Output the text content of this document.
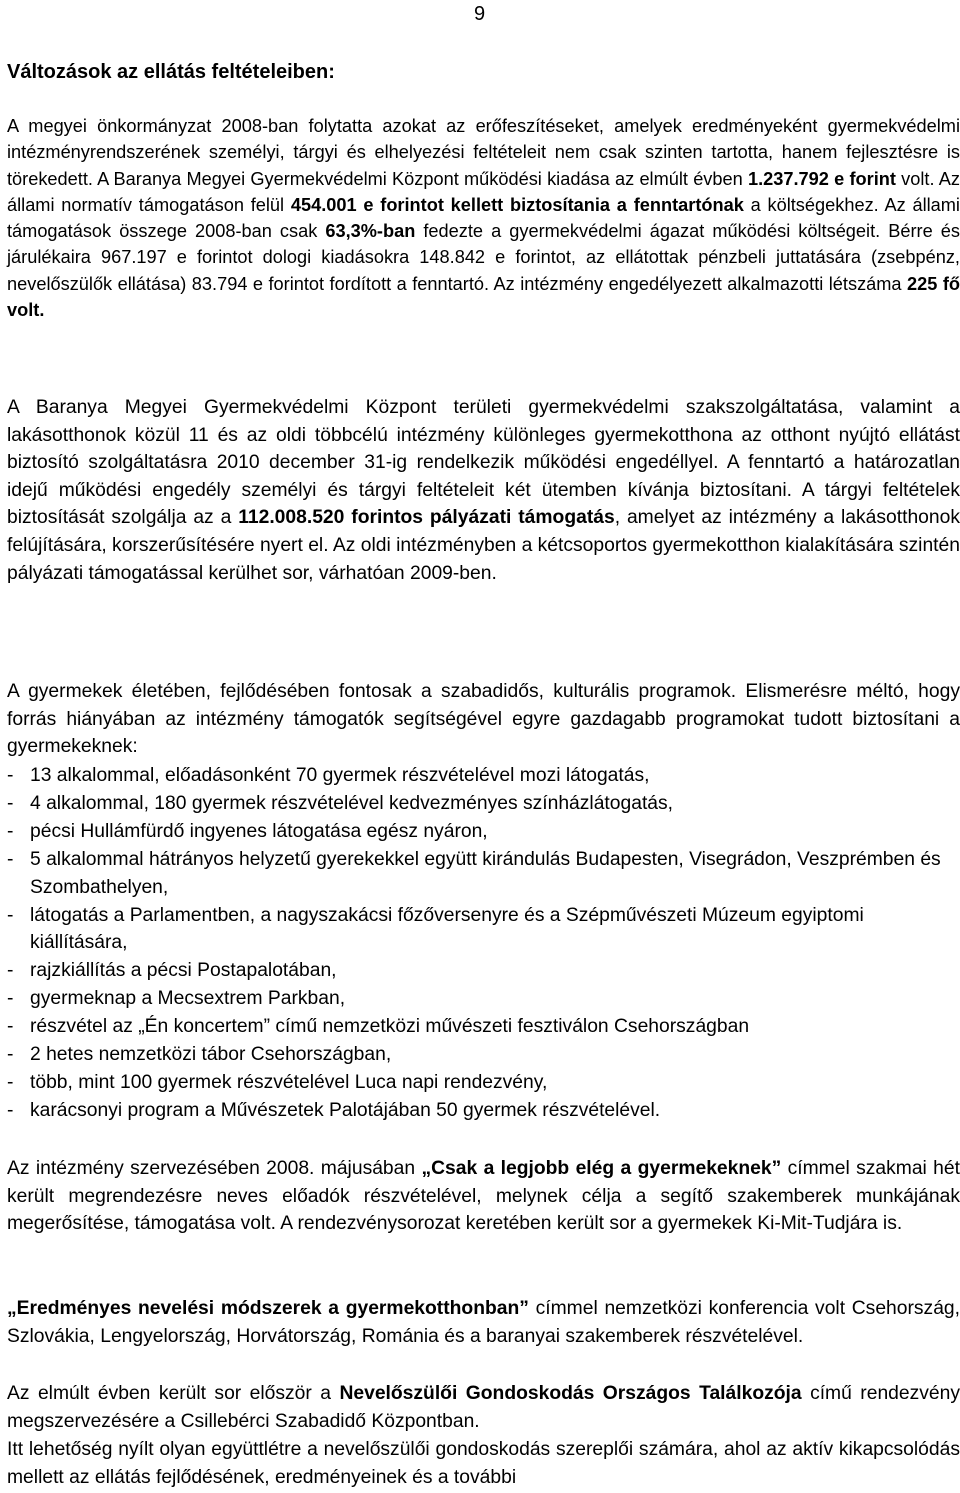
9
Változások az ellátás feltételeiben:

A megyei önkormányzat 2008-ban folytatta azokat az erőfeszítéseket, amelyek eredményeként gyermekvédelmi intézményrendszerének személyi, tárgyi és elhelyezési feltételeit nem csak szinten tartotta, hanem fejlesztésre is törekedett. A Baranya Megyei Gyermekvédelmi Központ működési kiadása az elmúlt évben 1.237.792 e forint volt. Az állami normatív támogatáson felül 454.001 e forintot kellett biztosítania a fenntartónak a költségekhez. Az állami támogatások összege 2008-ban csak 63,3%-ban fedezte a gyermekvédelmi ágazat működési költségeit. Bérre és járulékaira 967.197 e forintot dologi kiadásokra 148.842 e forintot, az ellátottak pénzbeli juttatására (zsebpénz, nevelőszülők ellátása) 83.794 e forintot fordított a fenntartó. Az intézmény engedélyezett alkalmazotti létszáma 225 fő volt.

A Baranya Megyei Gyermekvédelmi Központ területi gyermekvédelmi szakszolgáltatása, valamint a lakásotthonok közül 11 és az oldi többcélú intézmény különleges gyermekotthona az otthont nyújtó ellátást biztosító szolgáltatásra 2010 december 31-ig rendelkezik működési engedéllyel. A fenntartó a határozatlan idejű működési engedély személyi és tárgyi feltételeit két ütemben kívánja biztosítani. A tárgyi feltételek biztosítását szolgálja az a 112.008.520 forintos pályázati támogatás, amelyet az intézmény a lakásotthonok felújítására, korszerűsítésére nyert el. Az oldi intézményben a kétcsoportos gyermekotthon kialakítására szintén pályázati támogatással kerülhet sor, várhatóan 2009-ben.

A gyermekek életében, fejlődésében fontosak a szabadidős, kulturális programok. Elismerésre méltó, hogy forrás hiányában az intézmény támogatók segítségével egyre gazdagabb programokat tudott biztosítani a gyermekeknek:

- 13 alkalommal, előadásonként 70 gyermek részvételével mozi látogatás,
- 4 alkalommal, 180 gyermek részvételével kedvezményes színházlátogatás,
- pécsi Hullámfürdő ingyenes látogatása egész nyáron,
- 5 alkalommal hátrányos helyzetű gyerekekkel együtt kirándulás Budapesten, Visegrádon, Veszprémben és Szombathelyen,
- látogatás a Parlamentben, a nagyszakácsi főzőversenyre és a Szépművészeti Múzeum egyiptomi kiállítására,
- rajzkiállítás a pécsi Postapalotában,
- gyermeknap a Mecsextrem Parkban,
- részvétel az „Én koncertem” című nemzetközi művészeti fesztiválon Csehországban
- 2 hetes nemzetközi tábor Csehországban,
- több, mint 100 gyermek részvételével Luca napi rendezvény,
- karácsonyi program a Művészetek Palotájában 50 gyermek részvételével.

Az intézmény szervezésében 2008. májusában „Csak a legjobb elég a gyermekeknek” címmel szakmai hét került megrendezésre neves előadók részvételével, melynek célja a segítő szakemberek munkájának megerősítése, támogatása volt. A rendezvénysorozat keretében került sor a gyermekek Ki-Mit-Tudjára is.

„Eredményes nevelési módszerek a gyermekotthonban” címmel nemzetközi konferencia volt Csehország, Szlovákia, Lengyelország, Horvátország, Románia és a baranyai szakemberek részvételével.

Az elmúlt évben került sor először a Nevelőszülői Gondoskodás Országos Találkozója című rendezvény megszervezésére a Csillebérci Szabadidő Központban.

Itt lehetőség nyílt olyan együttlétre a nevelőszülői gondoskodás szereplői számára, ahol az aktív kikapcsolódás mellett az ellátás fejlődésének, eredményeinek és a további
